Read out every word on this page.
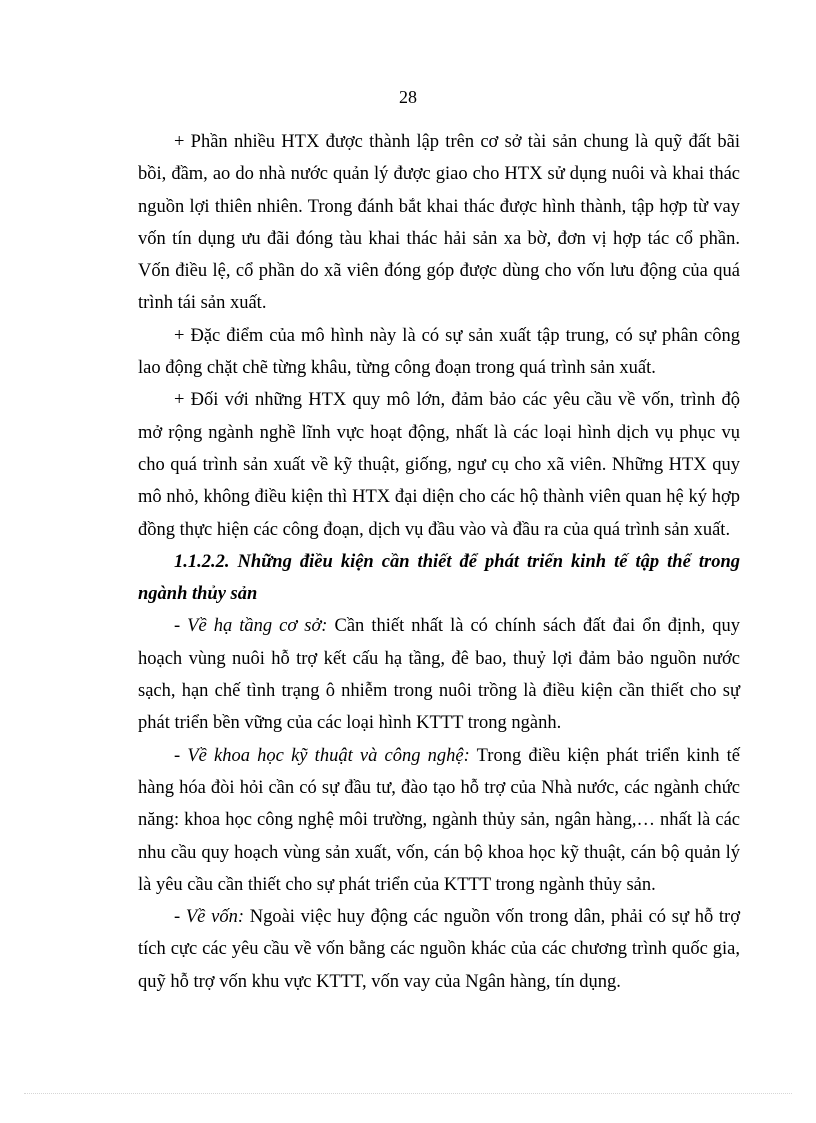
28

+ Phần nhiều HTX được thành lập trên cơ sở tài sản chung là quỹ đất bãi bồi, đầm, ao do nhà nước quản lý được giao cho HTX sử dụng nuôi và khai thác nguồn lợi thiên nhiên. Trong đánh bắt khai thác được hình thành, tập hợp từ vay vốn tín dụng ưu đãi đóng tàu khai thác hải sản xa bờ, đơn vị hợp tác cổ phần. Vốn điều lệ, cổ phần do xã viên đóng góp được dùng cho vốn lưu động của quá trình tái sản xuất.

+ Đặc điểm của mô hình này là có sự sản xuất tập trung, có sự phân công lao động chặt chẽ từng khâu, từng công đoạn trong quá trình sản xuất.

+ Đối với những HTX quy mô lớn, đảm bảo các yêu cầu về vốn, trình độ mở rộng ngành nghề lĩnh vực hoạt động, nhất là các loại hình dịch vụ phục vụ cho quá trình sản xuất về kỹ thuật, giống, ngư cụ cho xã viên. Những HTX quy mô nhỏ, không điều kiện thì HTX đại diện cho các hộ thành viên quan hệ ký hợp đồng thực hiện các công đoạn, dịch vụ đầu vào và đầu ra của quá trình sản xuất.

1.1.2.2. Những điều kiện cần thiết để phát triển kinh tế tập thể trong ngành thủy sản

- Về hạ tầng cơ sở: Cần thiết nhất là có chính sách đất đai ổn định, quy hoạch vùng nuôi hỗ trợ kết cấu hạ tầng, đê bao, thuỷ lợi đảm bảo nguồn nước sạch, hạn chế tình trạng ô nhiễm trong nuôi trồng là điều kiện cần thiết cho sự phát triển bền vững của các loại hình KTTT trong ngành.

- Về khoa học kỹ thuật và công nghệ: Trong điều kiện phát triển kinh tế hàng hóa đòi hỏi cần có sự đầu tư, đào tạo hỗ trợ của Nhà nước, các ngành chức năng: khoa học công nghệ môi trường, ngành thủy sản, ngân hàng,… nhất là các nhu cầu quy hoạch vùng sản xuất, vốn, cán bộ khoa học kỹ thuật, cán bộ quản lý là yêu cầu cần thiết cho sự phát triển của KTTT trong ngành thủy sản.

- Về vốn: Ngoài việc huy động các nguồn vốn trong dân, phải có sự hỗ trợ tích cực các yêu cầu về vốn bằng các nguồn khác của các chương trình quốc gia, quỹ hỗ trợ vốn khu vực KTTT, vốn vay của Ngân hàng, tín dụng.
